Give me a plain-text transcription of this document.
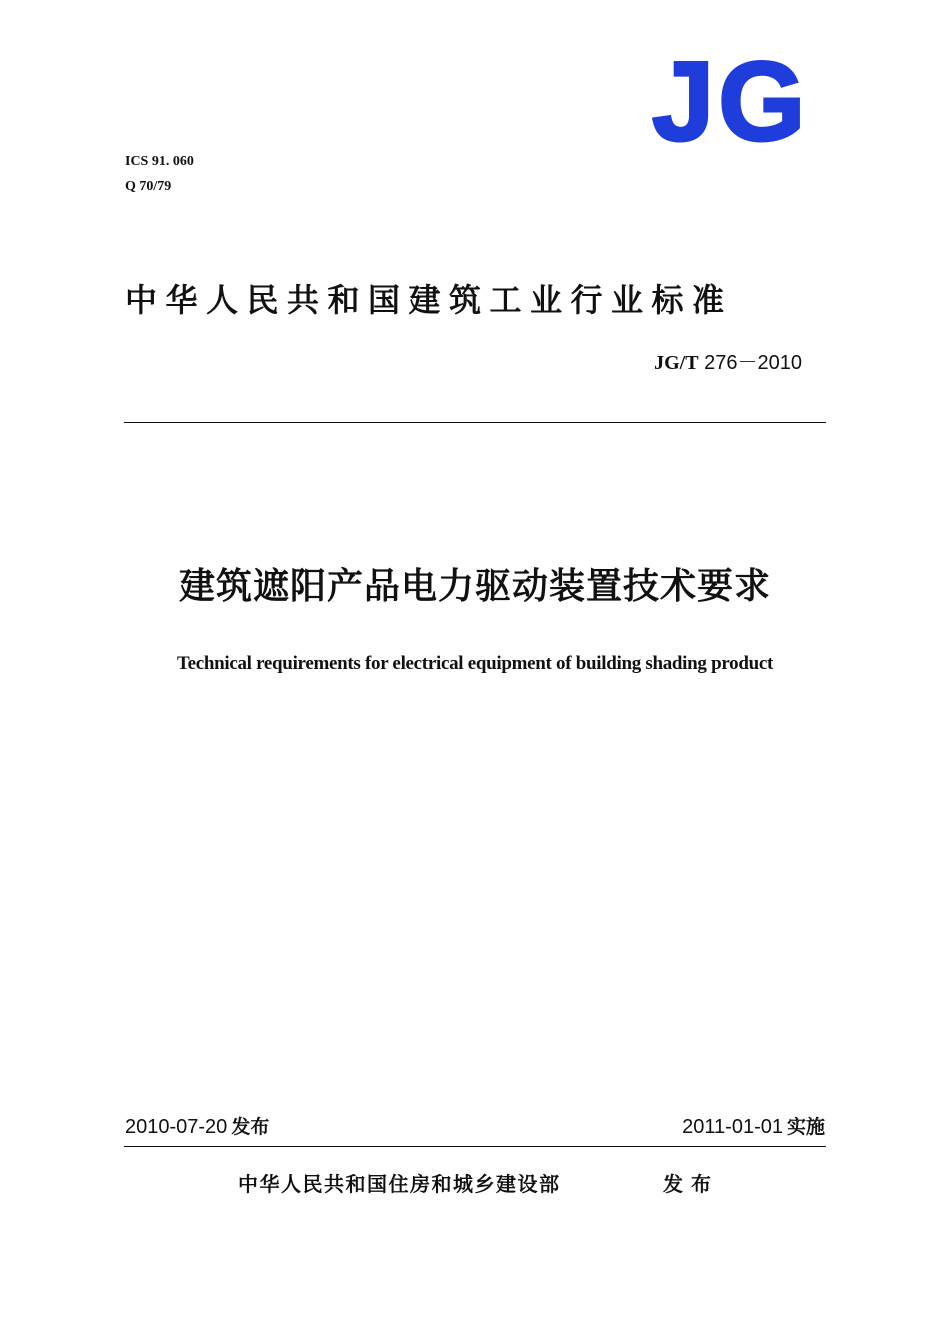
JG
ICS 91. 060
Q 70/79
中华人民共和国建筑工业行业标准
JG/T 276－2010
建筑遮阳产品电力驱动装置技术要求
Technical requirements for electrical equipment of building shading product
2010-07-20 发布	2011-01-01 实施
中华人民共和国住房和城乡建设部	发布
